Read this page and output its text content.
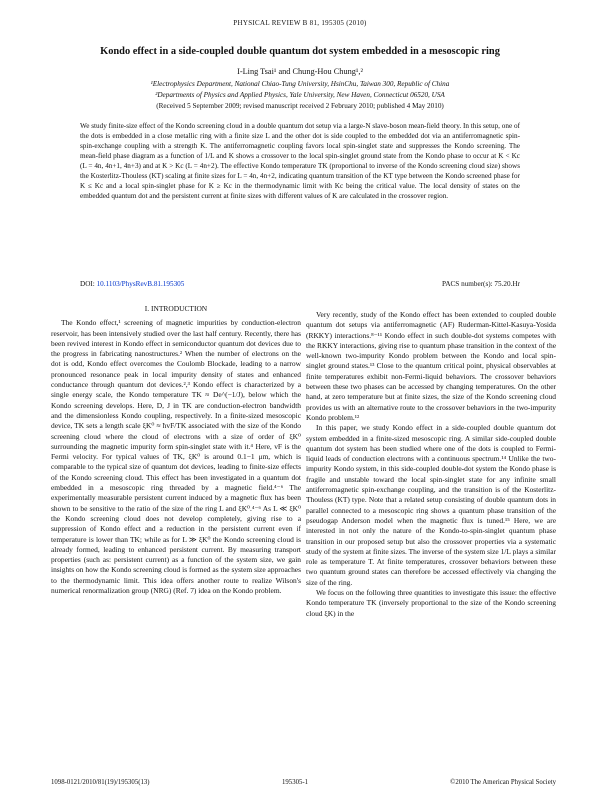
PHYSICAL REVIEW B 81, 195305 (2010)
Kondo effect in a side-coupled double quantum dot system embedded in a mesoscopic ring
I-Ling Tsai¹ and Chung-Hou Chung¹,²
¹Electrophysics Department, National Chiao-Tung University, HsinChu, Taiwan 300, Republic of China
²Departments of Physics and Applied Physics, Yale University, New Haven, Connecticut 06520, USA
(Received 5 September 2009; revised manuscript received 2 February 2010; published 4 May 2010)
We study finite-size effect of the Kondo screening cloud in a double quantum dot setup via a large-N slave-boson mean-field theory. In this setup, one of the dots is embedded in a close metallic ring with a finite size L and the other dot is side coupled to the embedded dot via an antiferromagnetic spin-spin-exchange coupling with a strength K. The antiferromagnetic coupling favors local spin-singlet state and suppresses the Kondo screening. The mean-field phase diagram as a function of 1/L and K shows a crossover to the local spin-singlet ground state from the Kondo phase to occur at K < Kc (L = 4n, 4n+1, 4n+3) and at K > Kc (L = 4n+2). The effective Kondo temperature TK (proportional to inverse of the Kondo screening cloud size) shows the Kosterlitz-Thouless (KT) scaling at finite sizes for L = 4n, 4n+2, indicating quantum transition of the KT type between the Kondo screened phase for K ≤ Kc and a local spin-singlet phase for K ≥ Kc in the thermodynamic limit with Kc being the critical value. The local density of states on the embedded quantum dot and the persistent current at finite sizes with different values of K are calculated in the crossover region.
DOI: 10.1103/PhysRevB.81.195305	PACS number(s): 75.20.Hr
I. INTRODUCTION

The Kondo effect,¹ screening of magnetic impurities by conduction-electron reservoir, has been intensively studied over the last half century. Recently, there has been revived interest in Kondo effect in semiconductor quantum dot devices due to the progress in fabricating nanostructures.² When the number of electrons on the dot is odd, Kondo effect overcomes the Coulomb Blockade, leading to a narrow pronounced resonance peak in local impurity density of states and enhanced conductance through quantum dot devices.²,³ Kondo effect is characterized by a single energy scale, the Kondo temperature TK ≈ De^(−1/J), below which the Kondo screening develops. Here, D, J in TK are conduction-electron bandwidth and the dimensionless Kondo coupling, respectively. In a finite-sized mesoscopic device, TK sets a length scale ξK⁰ ≈ ħvF/TK associated with the size of the Kondo screening cloud where the cloud of electrons with a size of order of ξK⁰ surrounding the magnetic impurity form spin-singlet state with it.⁴ Here, vF is the Fermi velocity. For typical values of TK, ξK⁰ is around 0.1−1 μm, which is comparable to the typical size of quantum dot devices, leading to finite-size effects of the Kondo screening cloud. This effect has been investigated in a quantum dot embedded in a mesoscopic ring threaded by a magnetic field.⁴⁻⁶ The experimentally measurable persistent current induced by a magnetic flux has been shown to be sensitive to the ratio of the size of the ring L and ξK⁰.⁴⁻⁶ As L ≪ ξK⁰ the Kondo screening cloud does not develop completely, giving rise to a suppression of Kondo effect and a reduction in the persistent current even if temperature is lower than TK; while as for L ≫ ξK⁰ the Kondo screening cloud is already formed, leading to enhanced persistent current. By measuring transport properties (such as: persistent current) as a function of the system size, we gain insights on how the Kondo screening cloud is formed as the system size approaches to the thermodynamic limit. This idea offers another route to realize Wilson's numerical renormalization group (NRG) (Ref. 7) idea on the Kondo problem.

Very recently, study of the Kondo effect has been extended to coupled double quantum dot setups via antiferromagnetic (AF) Ruderman-Kittel-Kasuya-Yosida (RKKY) interactions.⁸⁻¹¹ Kondo effect in such double-dot systems competes with the RKKY interactions, giving rise to quantum phase transition in the context of the well-known two-impurity Kondo problem between the Kondo and local spin-singlet ground states.¹³ Close to the quantum critical point, physical observables at finite temperatures exhibit non-Fermi-liquid behaviors. The crossover behaviors between these two phases can be accessed by changing temperatures. On the other hand, at zero temperature but at finite sizes, the size of the Kondo screening cloud provides us with an alternative route to the crossover behaviors in the two-impurity Kondo problem.¹²

In this paper, we study Kondo effect in a side-coupled double quantum dot system embedded in a finite-sized mesoscopic ring. A similar side-coupled double quantum dot system has been studied where one of the dots is coupled to Fermi-liquid leads of conduction electrons with a continuous spectrum.¹⁴ Unlike the two-impurity Kondo system, in this side-coupled double-dot system the Kondo phase is fragile and unstable toward the local spin-singlet state for any infinite small antiferromagnetic spin-exchange coupling, and the transition is of the Kosterlitz-Thouless (KT) type. Note that a related setup consisting of double quantum dots in parallel connected to a mesoscopic ring shows a quantum phase transition of the pseudogap Anderson model when the magnetic flux is tuned.¹⁵ Here, we are interested in not only the nature of the Kondo-to-spin-singlet quantum phase transition in our proposed setup but also the crossover properties via a systematic study of the system at finite sizes. The inverse of the system size 1/L plays a similar role as temperature T. At finite temperatures, crossover behaviors between these two quantum ground states can therefore be accessed effectively via changing the size of the ring.

We focus on the following three quantities to investigate this issue: the effective Kondo temperature TK (inversely proportional to the size of the Kondo screening cloud ξK) in the

1098-0121/2010/81(19)/195305(13)	195305-1	©2010 The American Physical Society
